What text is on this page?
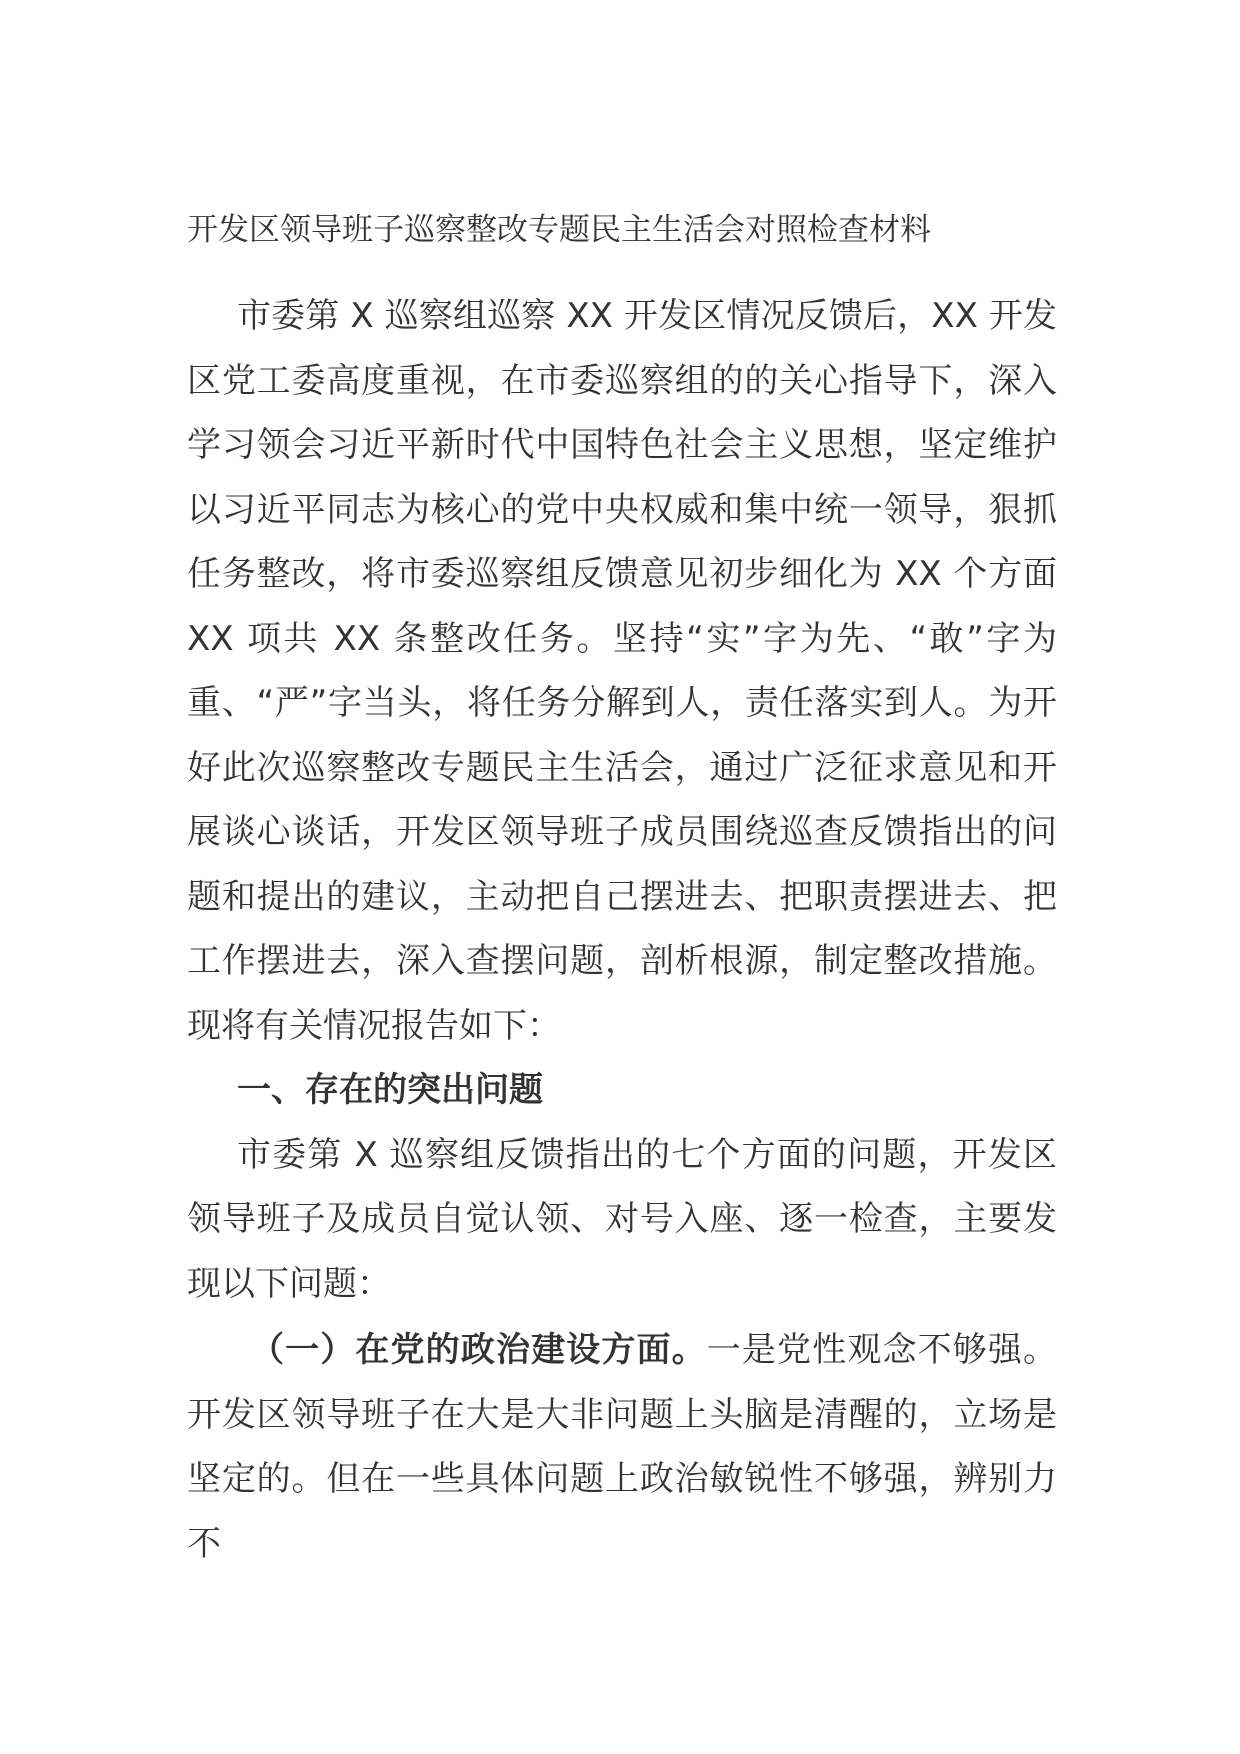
开发区领导班子巡察整改专题民主生活会对照检查材料

市委第 X 巡察组巡察 XX 开发区情况反馈后，XX 开发区党工委高度重视，在市委巡察组的的关心指导下，深入学习领会习近平新时代中国特色社会主义思想，坚定维护以习近平同志为核心的党中央权威和集中统一领导，狠抓任务整改，将市委巡察组反馈意见初步细化为 XX 个方面 XX 项共 XX 条整改任务。坚持“实”字为先、“敢”字为重、“严”字当头，将任务分解到人，责任落实到人。为开好此次巡察整改专题民主生活会，通过广泛征求意见和开展谈心谈话，开发区领导班子成员围绕巡查反馈指出的问题和提出的建议，主动把自己摆进去、把职责摆进去、把工作摆进去，深入查摆问题，剖析根源，制定整改措施。现将有关情况报告如下：

一、存在的突出问题

市委第 X 巡察组反馈指出的七个方面的问题，开发区领导班子及成员自觉认领、对号入座、逐一检查，主要发现以下问题：

（一）在党的政治建设方面。一是党性观念不够强。开发区领导班子在大是大非问题上头脑是清醒的，立场是坚定的。但在一些具体问题上政治敏锐性不够强，辨别力不
